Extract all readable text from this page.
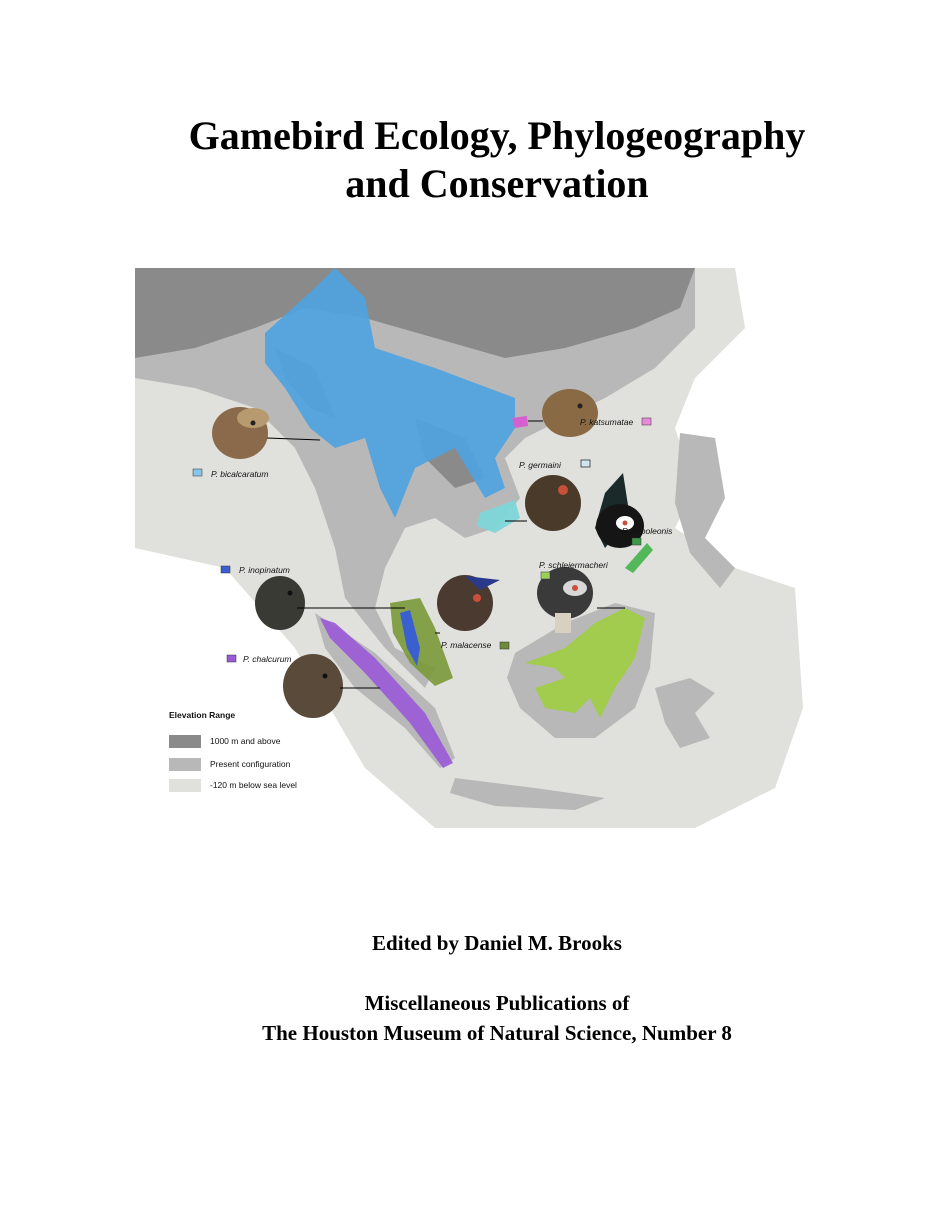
Gamebird Ecology, Phylogeography
and Conservation
P. bicalcaratum
P. katsumatae
P. germaini
P. napoleonis
P. schleiermacheri
P. inopinatum
P. malacense
P. chalcurum
Elevation Range
1000 m and above
Present configuration
-120 m below sea level
Edited by Daniel M. Brooks
Miscellaneous Publications of
The Houston Museum of Natural Science, Number 8
